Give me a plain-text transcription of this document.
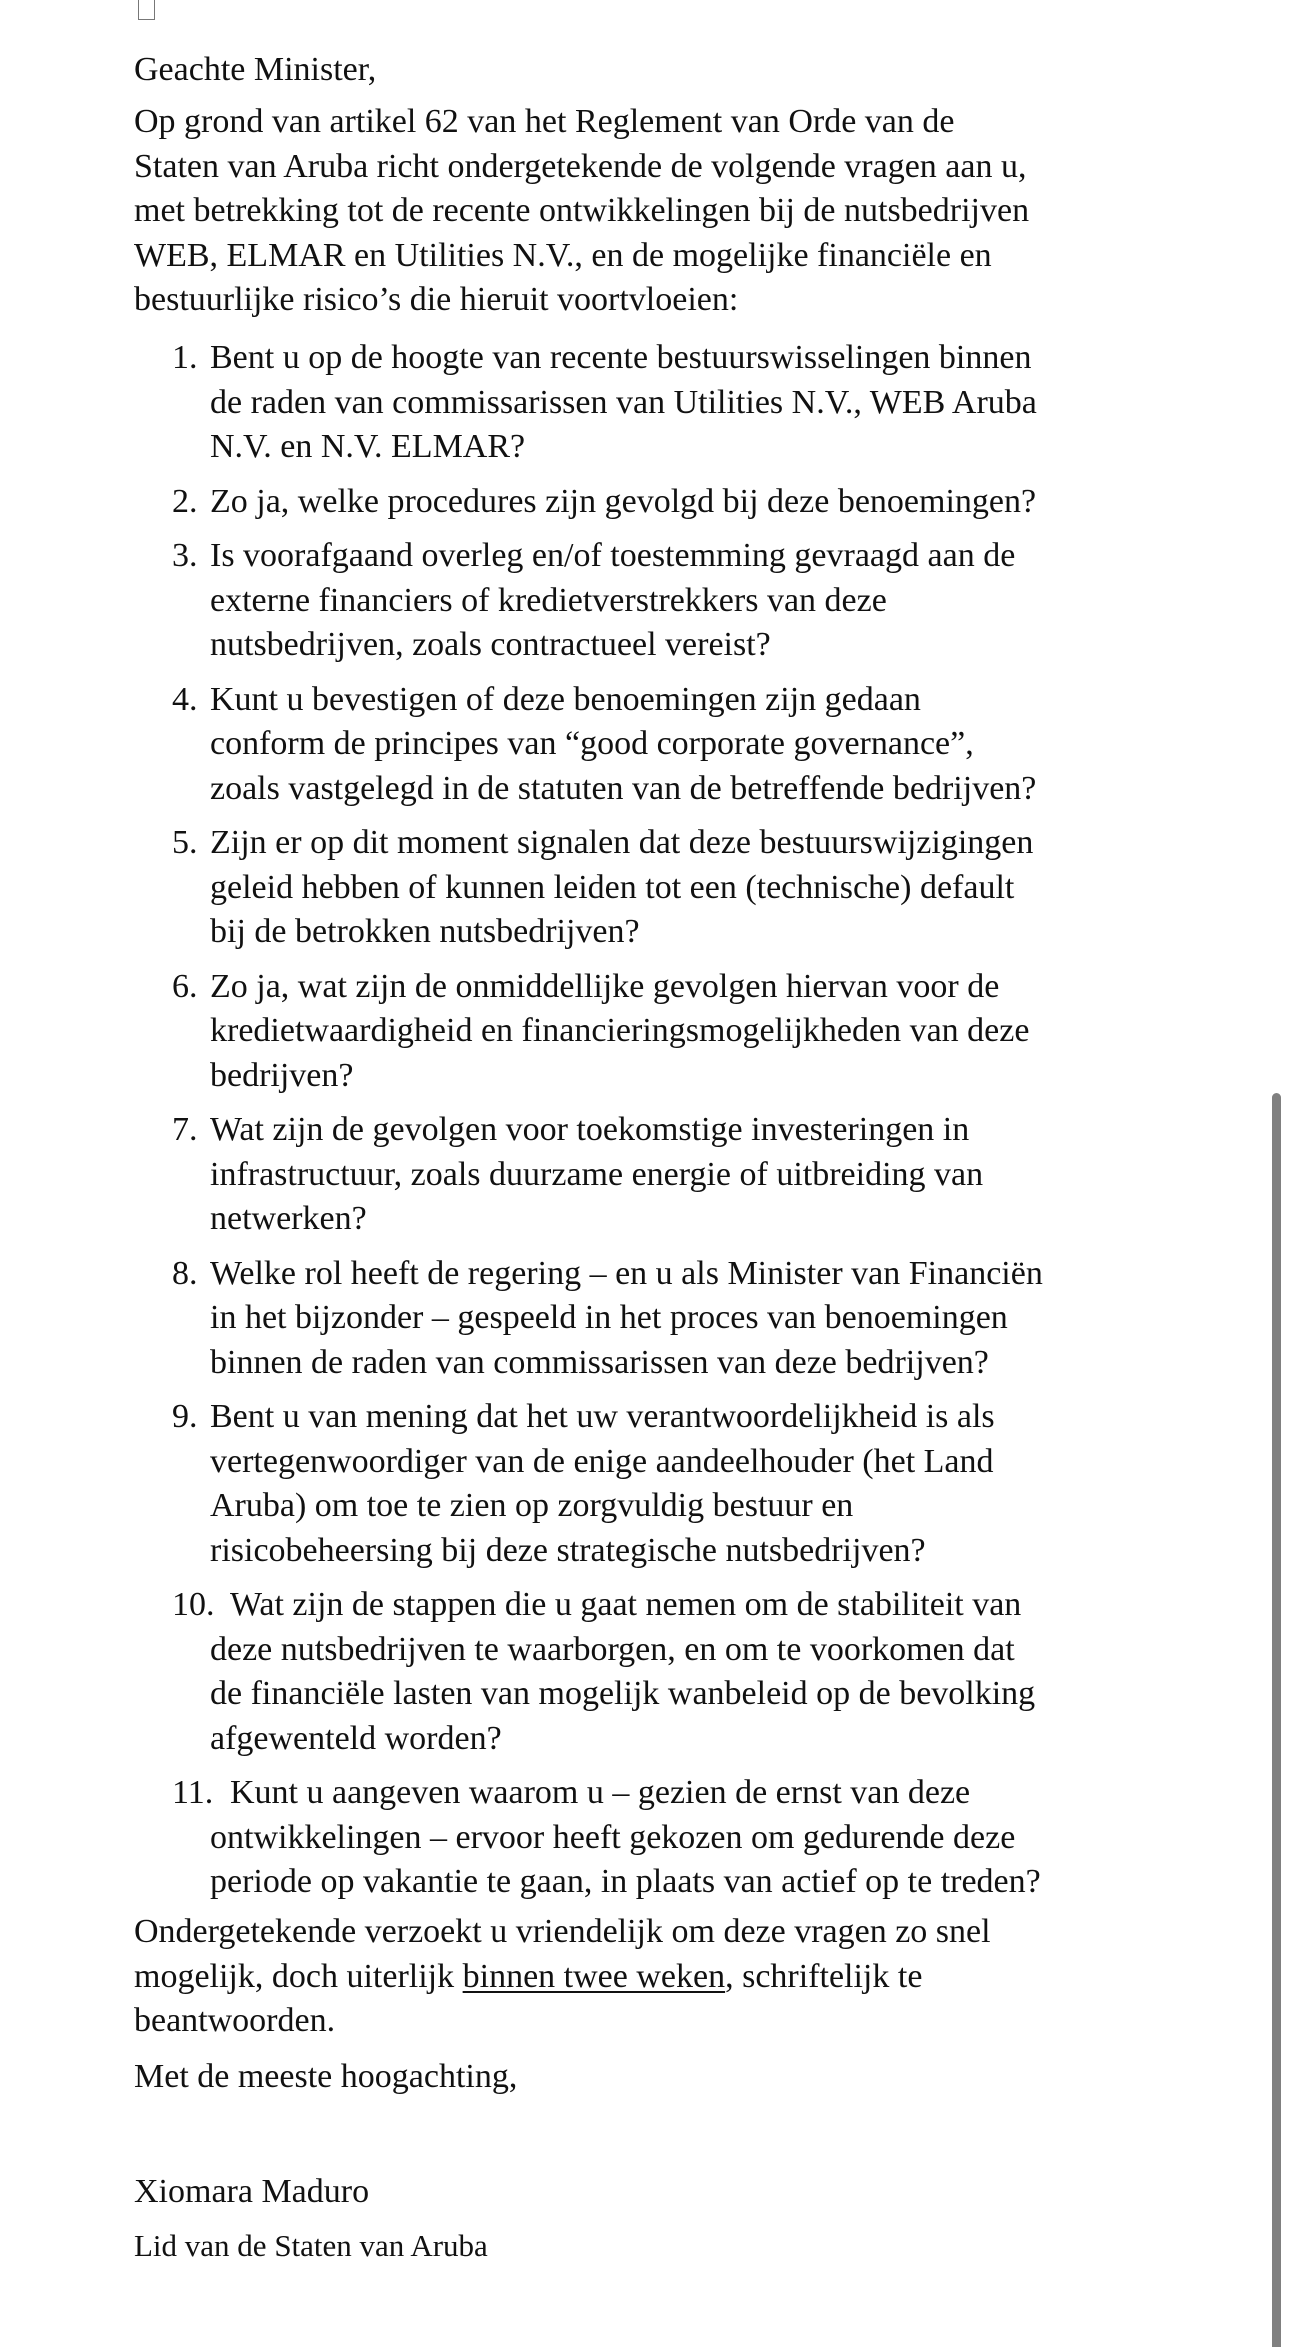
Geachte Minister,

Op grond van artikel 62 van het Reglement van Orde van de
Staten van Aruba richt ondergetekende de volgende vragen aan u,
met betrekking tot de recente ontwikkelingen bij de nutsbedrijven
WEB, ELMAR en Utilities N.V., en de mogelijke financiële en
bestuurlijke risico’s die hieruit voortvloeien:

1. Bent u op de hoogte van recente bestuurswisselingen binnen
de raden van commissarissen van Utilities N.V., WEB Aruba
N.V. en N.V. ELMAR?
2. Zo ja, welke procedures zijn gevolgd bij deze benoemingen?
3. Is voorafgaand overleg en/of toestemming gevraagd aan de
externe financiers of kredietverstrekkers van deze
nutsbedrijven, zoals contractueel vereist?
4. Kunt u bevestigen of deze benoemingen zijn gedaan
conform de principes van “good corporate governance”,
zoals vastgelegd in de statuten van de betreffende bedrijven?
5. Zijn er op dit moment signalen dat deze bestuurswijzigingen
geleid hebben of kunnen leiden tot een (technische) default
bij de betrokken nutsbedrijven?
6. Zo ja, wat zijn de onmiddellijke gevolgen hiervan voor de
kredietwaardigheid en financieringsmogelijkheden van deze
bedrijven?
7. Wat zijn de gevolgen voor toekomstige investeringen in
infrastructuur, zoals duurzame energie of uitbreiding van
netwerken?
8. Welke rol heeft de regering – en u als Minister van Financiën
in het bijzonder – gespeeld in het proces van benoemingen
binnen de raden van commissarissen van deze bedrijven?
9. Bent u van mening dat het uw verantwoordelijkheid is als
vertegenwoordiger van de enige aandeelhouder (het Land
Aruba) om toe te zien op zorgvuldig bestuur en
risicobeheersing bij deze strategische nutsbedrijven?
10. Wat zijn de stappen die u gaat nemen om de stabiliteit van
deze nutsbedrijven te waarborgen, en om te voorkomen dat
de financiële lasten van mogelijk wanbeleid op de bevolking
afgewenteld worden?
11. Kunt u aangeven waarom u – gezien de ernst van deze
ontwikkelingen – ervoor heeft gekozen om gedurende deze
periode op vakantie te gaan, in plaats van actief op te treden?

Ondergetekende verzoekt u vriendelijk om deze vragen zo snel
mogelijk, doch uiterlijk binnen twee weken, schriftelijk te
beantwoorden.

Met de meeste hoogachting,

Xiomara Maduro

Lid van de Staten van Aruba
